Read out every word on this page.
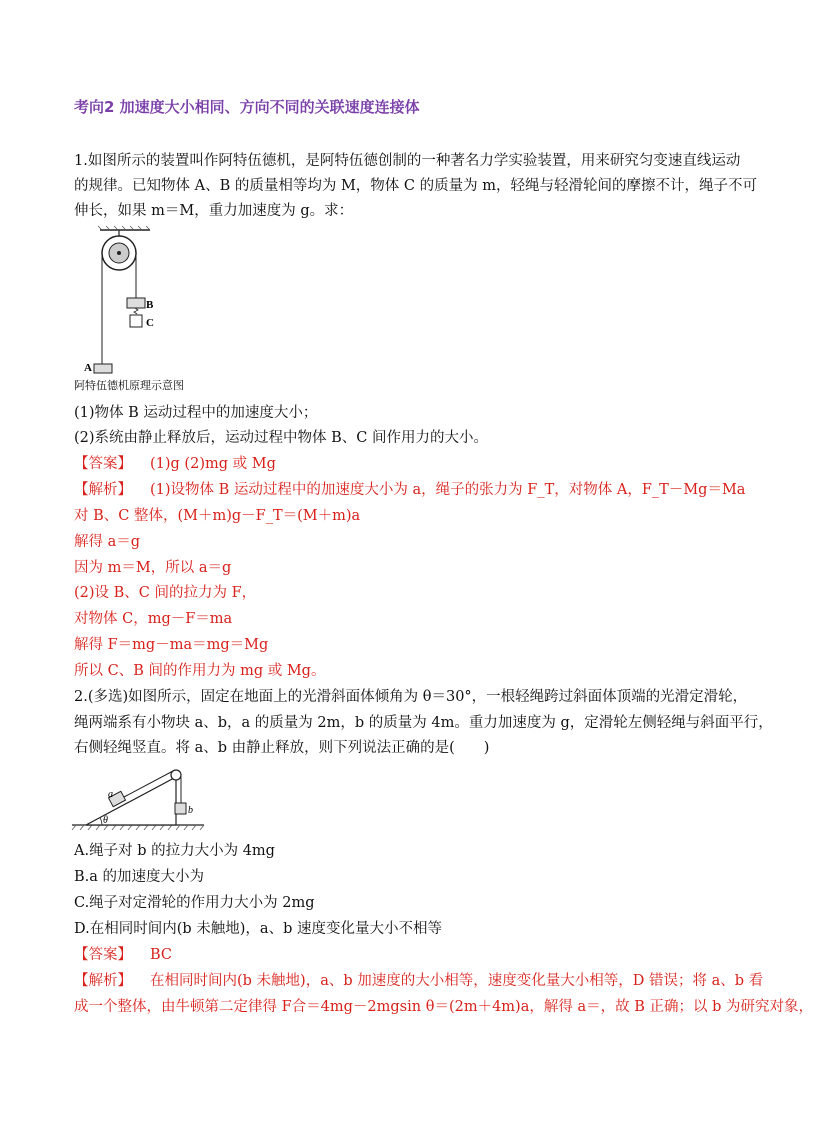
考向2 加速度大小相同、方向不同的关联速度连接体
1.如图所示的装置叫作阿特伍德机，是阿特伍德创制的一种著名力学实验装置，用来研究匀变速直线运动
的规律。已知物体 A、B 的质量相等均为 M，物体 C 的质量为 m，轻绳与轻滑轮间的摩擦不计，绳子不可
伸长，如果 m＝M，重力加速度为 g。求：
B
C
A
阿特伍德机原理示意图
(1)物体 B 运动过程中的加速度大小；
(2)系统由静止释放后，运动过程中物体 B、C 间作用力的大小。
【答案】 (1)g (2)mg 或 Mg
【解析】 (1)设物体 B 运动过程中的加速度大小为 a，绳子的张力为 F_T，对物体 A，F_T－Mg＝Ma
对 B、C 整体，(M＋m)g－F_T＝(M＋m)a
解得 a＝g
因为 m＝M，所以 a＝g
(2)设 B、C 间的拉力为 F，
对物体 C，mg－F＝ma
解得 F＝mg－ma＝mg＝Mg
所以 C、B 间的作用力为 mg 或 Mg。
2.(多选)如图所示，固定在地面上的光滑斜面体倾角为 θ＝30°，一根轻绳跨过斜面体顶端的光滑定滑轮，
绳两端系有小物块 a、b，a 的质量为 2m，b 的质量为 4m。重力加速度为 g，定滑轮左侧轻绳与斜面平行，
右侧轻绳竖直。将 a、b 由静止释放，则下列说法正确的是(　　)
θ
a
b
A.绳子对 b 的拉力大小为 4mg
B.a 的加速度大小为
C.绳子对定滑轮的作用力大小为 2mg
D.在相同时间内(b 未触地)，a、b 速度变化量大小不相等
【答案】 BC
【解析】 在相同时间内(b 未触地)，a、b 加速度的大小相等，速度变化量大小相等，D 错误；将 a、b 看
成一个整体，由牛顿第二定律得 F合＝4mg－2mgsin θ＝(2m＋4m)a，解得 a＝，故 B 正确；以 b 为研究对象，
